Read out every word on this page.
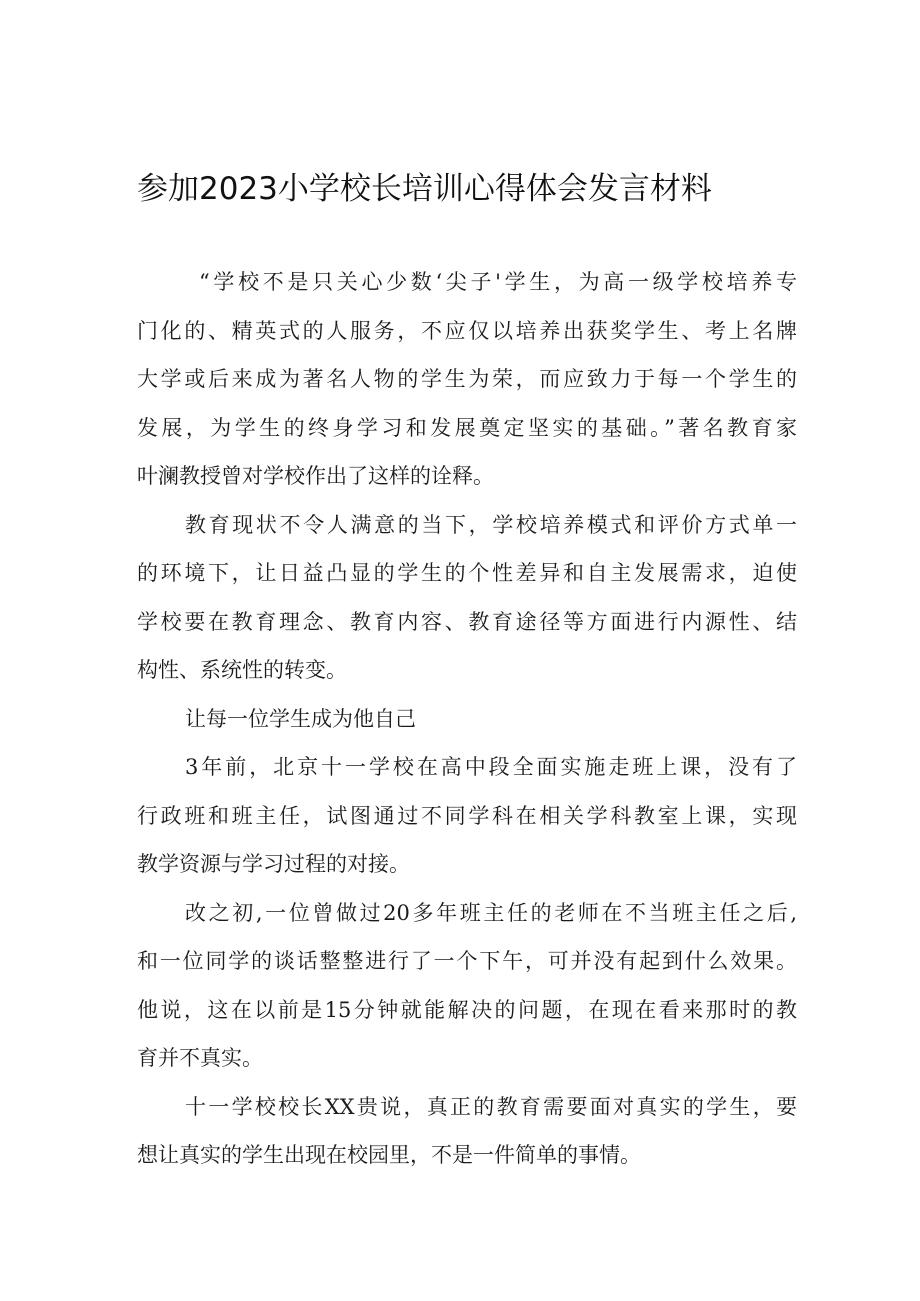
参加2023小学校长培训心得体会发言材料
“学校不是只关心少数‘尖子'学生，为高一级学校培养专
门化的、精英式的人服务，不应仅以培养出获奖学生、考上名牌
大学或后来成为著名人物的学生为荣，而应致力于每一个学生的
发展，为学生的终身学习和发展奠定坚实的基础。”著名教育家
叶澜教授曾对学校作出了这样的诠释。
教育现状不令人满意的当下，学校培养模式和评价方式单一
的环境下，让日益凸显的学生的个性差异和自主发展需求，迫使
学校要在教育理念、教育内容、教育途径等方面进行内源性、结
构性、系统性的转变。
让每一位学生成为他自己
3年前，北京十一学校在高中段全面实施走班上课，没有了
行政班和班主任，试图通过不同学科在相关学科教室上课，实现
教学资源与学习过程的对接。
改之初,一位曾做过20多年班主任的老师在不当班主任之后,
和一位同学的谈话整整进行了一个下午，可并没有起到什么效果。
他说，这在以前是15分钟就能解决的问题，在现在看来那时的教
育并不真实。
十一学校校长XX贵说，真正的教育需要面对真实的学生，要
想让真实的学生出现在校园里，不是一件简单的事情。
